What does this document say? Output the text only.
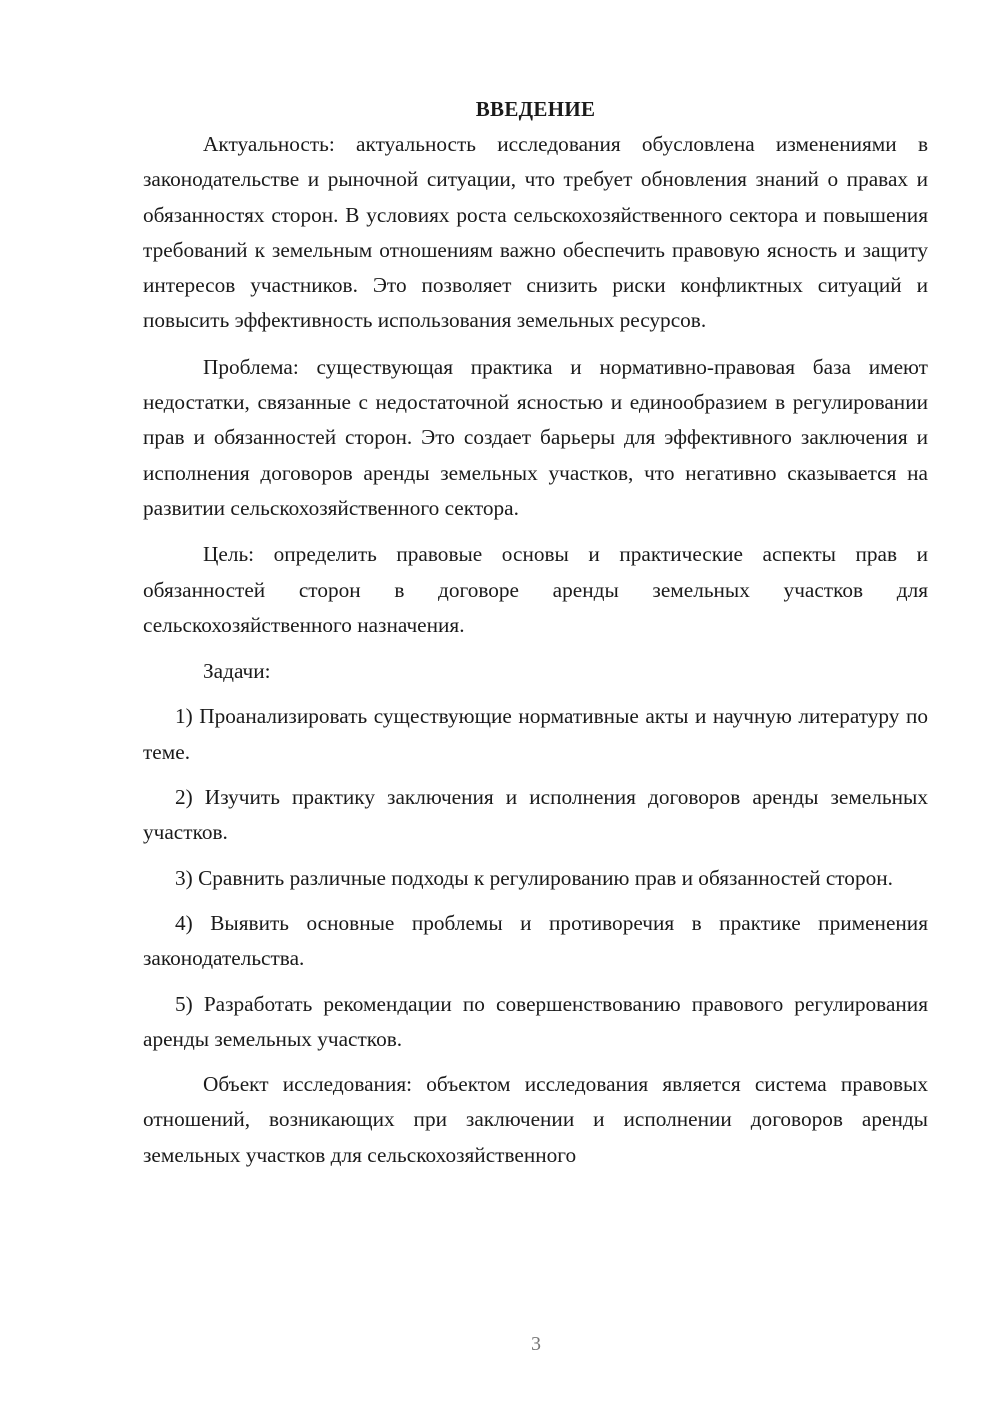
ВВЕДЕНИЕ

Актуальность: актуальность исследования обусловлена изменениями в законодательстве и рыночной ситуации, что требует обновления знаний о правах и обязанностях сторон. В условиях роста сельскохозяйственного сектора и повышения требований к земельным отношениям важно обеспечить правовую ясность и защиту интересов участников. Это позволяет снизить риски конфликтных ситуаций и повысить эффективность использования земельных ресурсов.

Проблема: существующая практика и нормативно-правовая база имеют недостатки, связанные с недостаточной ясностью и единообразием в регулировании прав и обязанностей сторон. Это создает барьеры для эффективного заключения и исполнения договоров аренды земельных участков, что негативно сказывается на развитии сельскохозяйственного сектора.

Цель: определить правовые основы и практические аспекты прав и обязанностей сторон в договоре аренды земельных участков для сельскохозяйственного назначения.

Задачи:

1) Проанализировать существующие нормативные акты и научную литературу по теме.

2) Изучить практику заключения и исполнения договоров аренды земельных участков.

3) Сравнить различные подходы к регулированию прав и обязанностей сторон.

4) Выявить основные проблемы и противоречия в практике применения законодательства.

5) Разработать рекомендации по совершенствованию правового регулирования аренды земельных участков.

Объект исследования: объектом исследования является система правовых отношений, возникающих при заключении и исполнении договоров аренды земельных участков для сельскохозяйственного

3
